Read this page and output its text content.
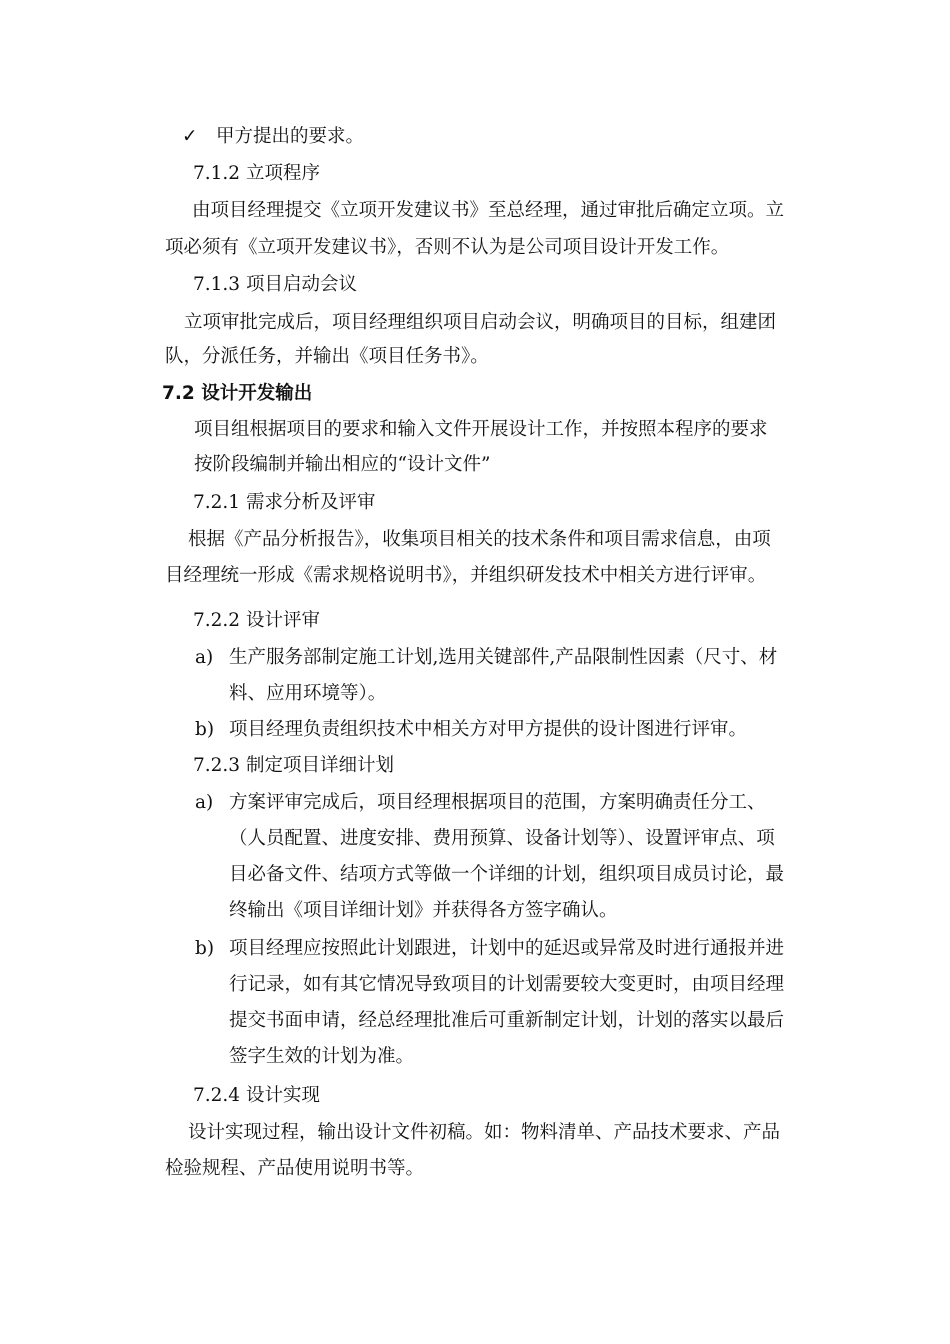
✓ 甲方提出的要求。
7.1.2 立项程序
由项目经理提交《立项开发建议书》至总经理，通过审批后确定立项。立
项必须有《立项开发建议书》，否则不认为是公司项目设计开发工作。
7.1.3 项目启动会议
立项审批完成后，项目经理组织项目启动会议，明确项目的目标，组建团
队，分派任务，并输出《项目任务书》。
7.2 设计开发输出
项目组根据项目的要求和输入文件开展设计工作，并按照本程序的要求
按阶段编制并输出相应的“设计文件”
7.2.1 需求分析及评审
根据《产品分析报告》，收集项目相关的技术条件和项目需求信息，由项
目经理统一形成《需求规格说明书》，并组织研发技术中相关方进行评审。
7.2.2 设计评审
a) 生产服务部制定施工计划,选用关键部件,产品限制性因素（尺寸、材
料、应用环境等）。
b) 项目经理负责组织技术中相关方对甲方提供的设计图进行评审。
7.2.3 制定项目详细计划
a) 方案评审完成后，项目经理根据项目的范围，方案明确责任分工、
（人员配置、进度安排、费用预算、设备计划等）、设置评审点、项
目必备文件、结项方式等做一个详细的计划，组织项目成员讨论，最
终输出《项目详细计划》并获得各方签字确认。
b) 项目经理应按照此计划跟进，计划中的延迟或异常及时进行通报并进
行记录，如有其它情况导致项目的计划需要较大变更时，由项目经理
提交书面申请，经总经理批准后可重新制定计划，计划的落实以最后
签字生效的计划为准。
7.2.4 设计实现
设计实现过程，输出设计文件初稿。如：物料清单、产品技术要求、产品
检验规程、产品使用说明书等。
